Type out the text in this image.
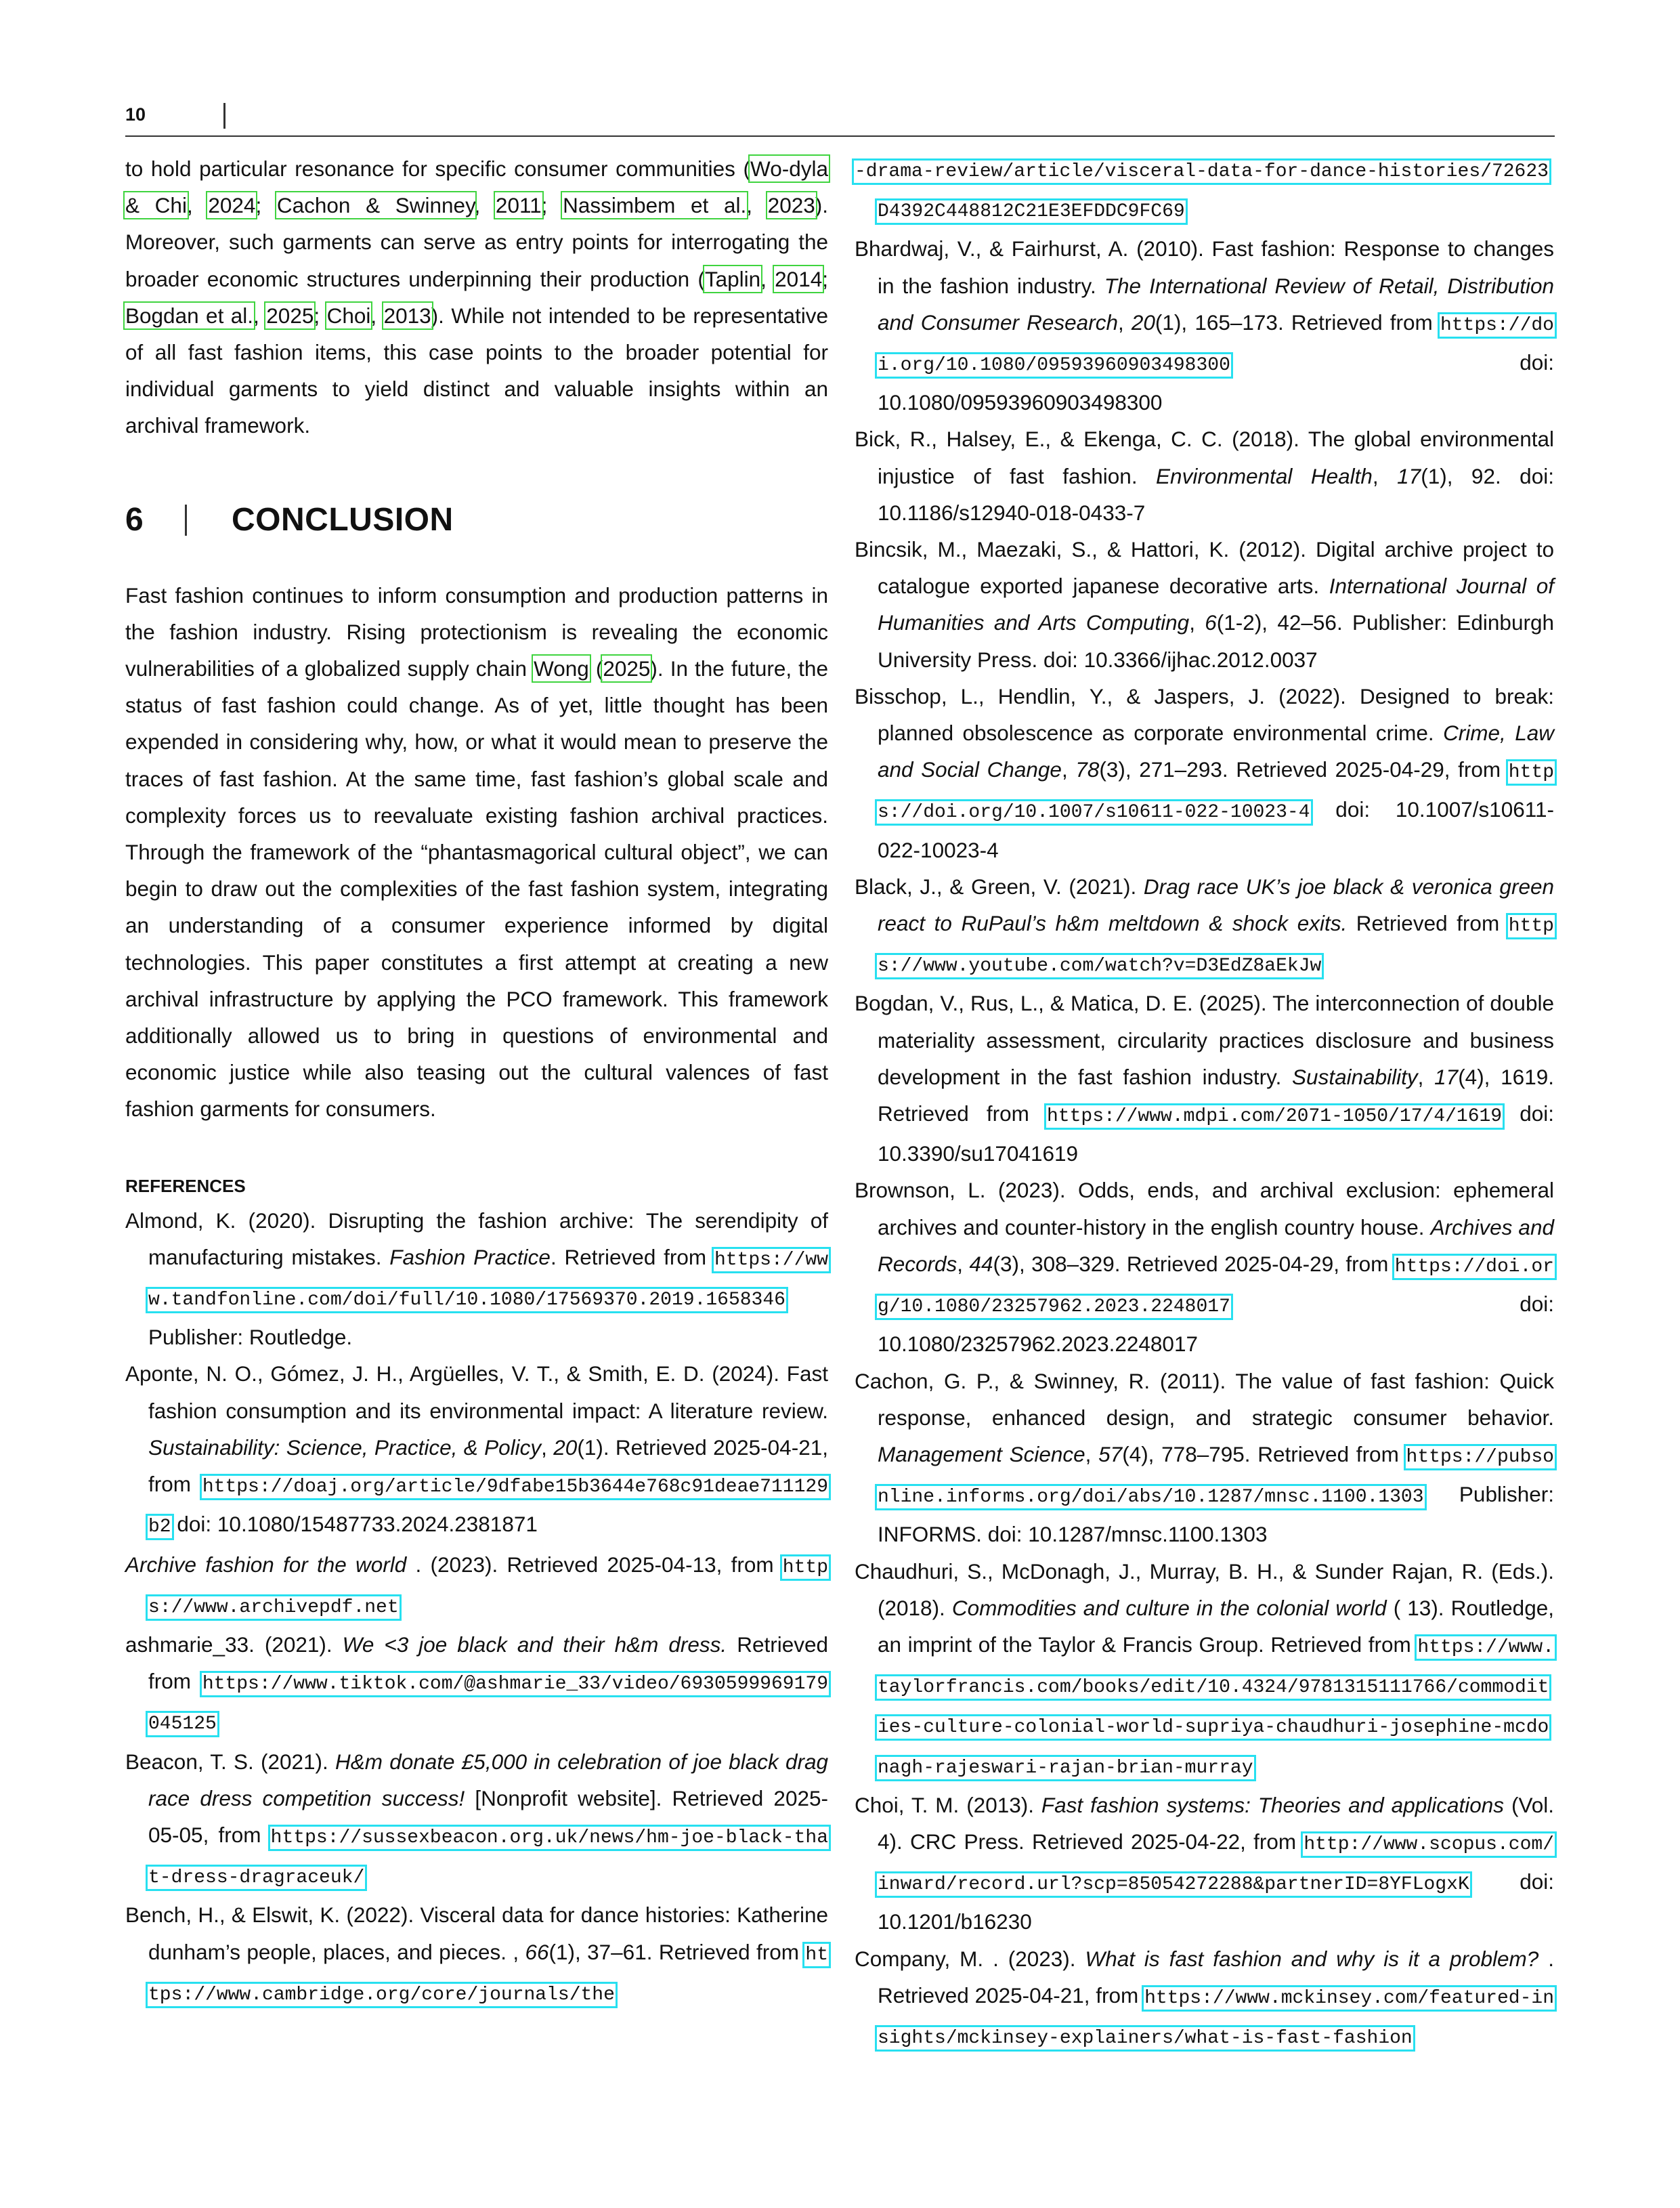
10

to hold particular resonance for specific consumer communities (Wo-dyla & Chi, 2024; Cachon & Swinney, 2011; Nassimbem et al., 2023). Moreover, such garments can serve as entry points for interrogating the broader economic structures underpinning their production (Taplin, 2014; Bogdan et al., 2025; Choi, 2013). While not intended to be representative of all fast fashion items, this case points to the broader potential for individual garments to yield distinct and valuable insights within an archival framework.

6	CONCLUSION

Fast fashion continues to inform consumption and production patterns in the fashion industry. Rising protectionism is revealing the economic vulnerabilities of a globalized supply chain Wong (2025). In the future, the status of fast fashion could change. As of yet, little thought has been expended in considering why, how, or what it would mean to preserve the traces of fast fashion. At the same time, fast fashion’s global scale and complexity forces us to reevaluate existing fashion archival practices. Through the framework of the “phantasmagorical cultural object”, we can begin to draw out the complexities of the fast fashion system, integrating an understanding of a consumer experience informed by digital technologies. This paper constitutes a first attempt at creating a new archival infrastructure by applying the PCO framework. This framework additionally allowed us to bring in questions of environmental and economic justice while also teasing out the cultural valences of fast fashion garments for consumers.

REFERENCES

Almond, K. (2020). Disrupting the fashion archive: The serendipity of manufacturing mistakes. Fashion Practice. Retrieved from https://www.tandfonline.com/doi/full/10.1080/17569370.2019.1658346 Publisher: Routledge.

Aponte, N. O., Gómez, J. H., Argüelles, V. T., & Smith, E. D. (2024). Fast fashion consumption and its environmental impact: A literature review. Sustainability: Science, Practice, & Policy, 20(1). Retrieved 2025-04-21, from https://doaj.org/article/9dfabe15b3644e768c91deae711129b2 doi: 10.1080/15487733.2024.2381871

Archive fashion for the world . (2023). Retrieved 2025-04-13, from https://www.archivepdf.net

ashmarie_33. (2021). We <3 joe black and their h&m dress. Retrieved from https://www.tiktok.com/@ashmarie_33/video/6930599969179045125

Beacon, T. S. (2021). H&m donate £5,000 in celebration of joe black drag race dress competition success! [Nonprofit website]. Retrieved 2025-05-05, from https://sussexbeacon.org.uk/news/hm-joe-black-that-dress-dragraceuk/

Bench, H., & Elswit, K. (2022). Visceral data for dance histories: Katherine dunham’s people, places, and pieces. , 66(1), 37–61. Retrieved from https://www.cambridge.org/core/journals/the

-drama-review/article/visceral-data-for-dance-histories/72623D4392C448812C21E3EFDDC9FC69

Bhardwaj, V., & Fairhurst, A. (2010). Fast fashion: Response to changes in the fashion industry. The International Review of Retail, Distribution and Consumer Research, 20(1), 165–173. Retrieved from https://doi.org/10.1080/09593960903498300 doi: 10.1080/09593960903498300

Bick, R., Halsey, E., & Ekenga, C. C. (2018). The global environmental injustice of fast fashion. Environmental Health, 17(1), 92. doi: 10.1186/s12940-018-0433-7

Bincsik, M., Maezaki, S., & Hattori, K. (2012). Digital archive project to catalogue exported japanese decorative arts. International Journal of Humanities and Arts Computing, 6(1-2), 42–56. Publisher: Edinburgh University Press. doi: 10.3366/ijhac.2012.0037

Bisschop, L., Hendlin, Y., & Jaspers, J. (2022). Designed to break: planned obsolescence as corporate environmental crime. Crime, Law and Social Change, 78(3), 271–293. Retrieved 2025-04-29, from https://doi.org/10.1007/s10611-022-10023-4 doi: 10.1007/s10611-022-10023-4

Black, J., & Green, V. (2021). Drag race UK’s joe black & veronica green react to RuPaul’s h&m meltdown & shock exits. Retrieved from https://www.youtube.com/watch?v=D3EdZ8aEkJw

Bogdan, V., Rus, L., & Matica, D. E. (2025). The interconnection of double materiality assessment, circularity practices disclosure and business development in the fast fashion industry. Sustainability, 17(4), 1619. Retrieved from https://www.mdpi.com/2071-1050/17/4/1619 doi: 10.3390/su17041619

Brownson, L. (2023). Odds, ends, and archival exclusion: ephemeral archives and counter-history in the english country house. Archives and Records, 44(3), 308–329. Retrieved 2025-04-29, from https://doi.org/10.1080/23257962.2023.2248017 doi: 10.1080/23257962.2023.2248017

Cachon, G. P., & Swinney, R. (2011). The value of fast fashion: Quick response, enhanced design, and strategic consumer behavior. Management Science, 57(4), 778–795. Retrieved from https://pubsonline.informs.org/doi/abs/10.1287/mnsc.1100.1303 Publisher: INFORMS. doi: 10.1287/mnsc.1100.1303

Chaudhuri, S., McDonagh, J., Murray, B. H., & Sunder Rajan, R. (Eds.). (2018). Commodities and culture in the colonial world ( 13). Routledge, an imprint of the Taylor & Francis Group. Retrieved from https://www.taylorfrancis.com/books/edit/10.4324/9781315111766/commodities-culture-colonial-world-supriya-chaudhuri-josephine-mcdonagh-rajeswari-rajan-brian-murray

Choi, T. M. (2013). Fast fashion systems: Theories and applications (Vol. 4). CRC Press. Retrieved 2025-04-22, from http://www.scopus.com/inward/record.url?scp=85054272288&partnerID=8YFLogxK doi: 10.1201/b16230

Company, M. . (2023). What is fast fashion and why is it a problem? . Retrieved 2025-04-21, from https://www.mckinsey.com/featured-insights/mckinsey-explainers/what-is-fast-fashion
